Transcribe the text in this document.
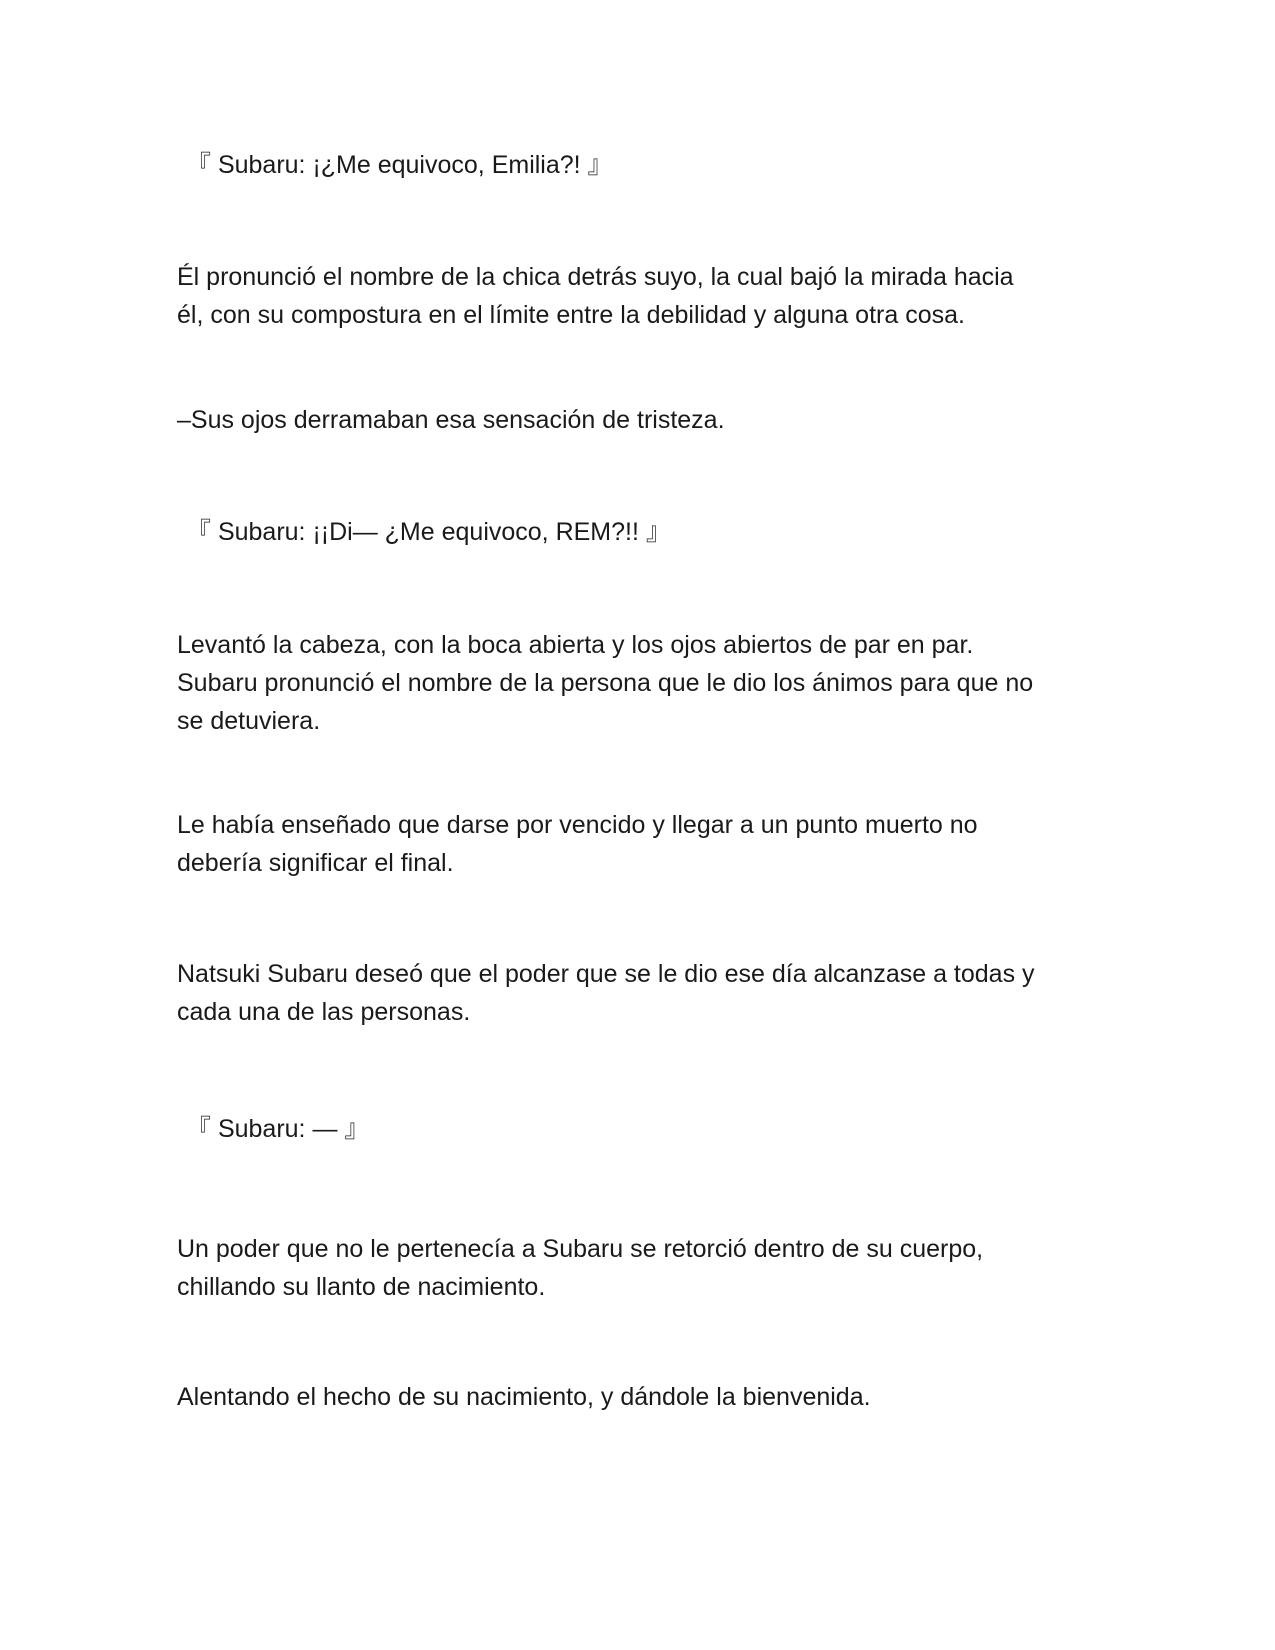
『 Subaru: ¡¿Me equivoco, Emilia?! 』

Él pronunció el nombre de la chica detrás suyo, la cual bajó la mirada hacia
él, con su compostura en el límite entre la debilidad y alguna otra cosa.

–Sus ojos derramaban esa sensación de tristeza.

『 Subaru: ¡¡Di— ¿Me equivoco, REM?!! 』

Levantó la cabeza, con la boca abierta y los ojos abiertos de par en par.
Subaru pronunció el nombre de la persona que le dio los ánimos para que no
se detuviera.

Le había enseñado que darse por vencido y llegar a un punto muerto no
debería significar el final.

Natsuki Subaru deseó que el poder que se le dio ese día alcanzase a todas y
cada una de las personas.

『 Subaru: — 』

Un poder que no le pertenecía a Subaru se retorció dentro de su cuerpo,
chillando su llanto de nacimiento.

Alentando el hecho de su nacimiento, y dándole la bienvenida.
